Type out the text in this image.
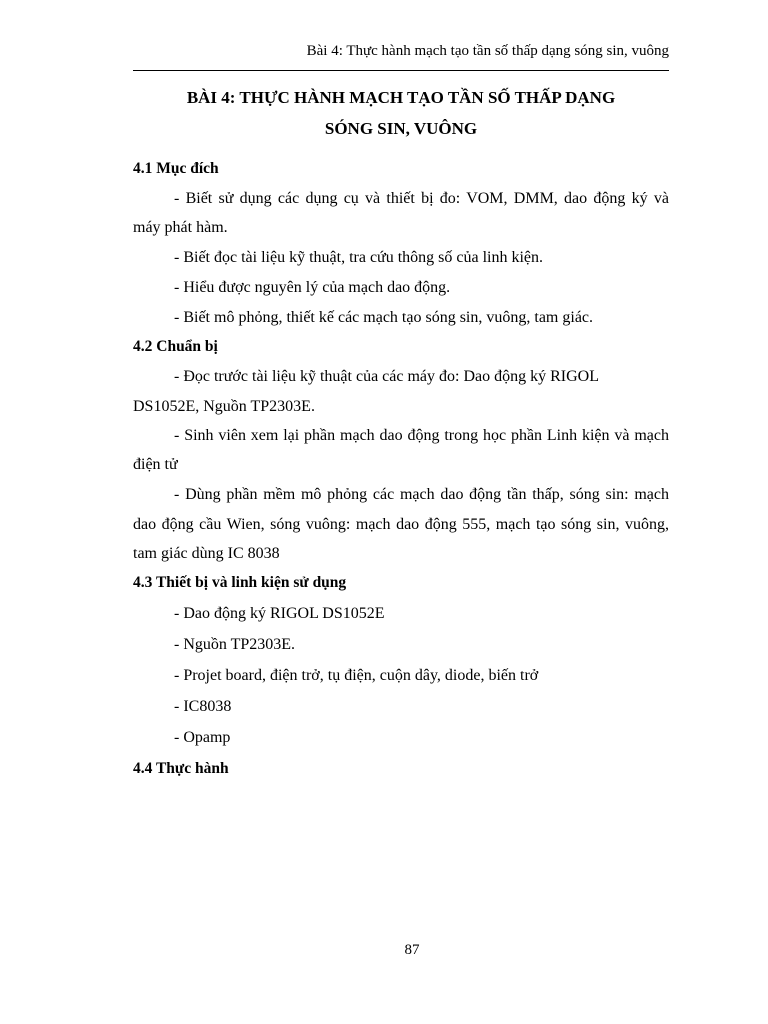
Bài 4: Thực hành mạch tạo tần số thấp dạng sóng sin, vuông
BÀI 4: THỰC HÀNH MẠCH TẠO TẦN SỐ THẤP DẠNG
SÓNG SIN, VUÔNG
4.1 Mục đích
- Biết sử dụng các dụng cụ và thiết bị đo: VOM, DMM, dao động ký và
máy phát hàm.
- Biết đọc tài liệu kỹ thuật, tra cứu thông số của linh kiện.
- Hiểu được nguyên lý của mạch dao động.
- Biết mô phỏng, thiết kế các mạch tạo sóng sin, vuông, tam giác.
4.2 Chuẩn bị
- Đọc trước tài liệu kỹ thuật của các máy đo: Dao động ký RIGOL
DS1052E, Nguồn TP2303E.
- Sinh viên xem lại phần mạch dao động trong học phần Linh kiện và mạch
điện tử
- Dùng phần mềm mô phỏng các mạch dao động tần thấp, sóng sin: mạch
dao động cầu Wien, sóng vuông: mạch dao động 555, mạch tạo sóng sin, vuông,
tam giác dùng IC 8038
4.3 Thiết bị và linh kiện sử dụng
- Dao động ký RIGOL DS1052E
- Nguồn TP2303E.
- Projet board, điện trở, tụ điện, cuộn dây, diode, biến trở
- IC8038
- Opamp
4.4 Thực hành
87
